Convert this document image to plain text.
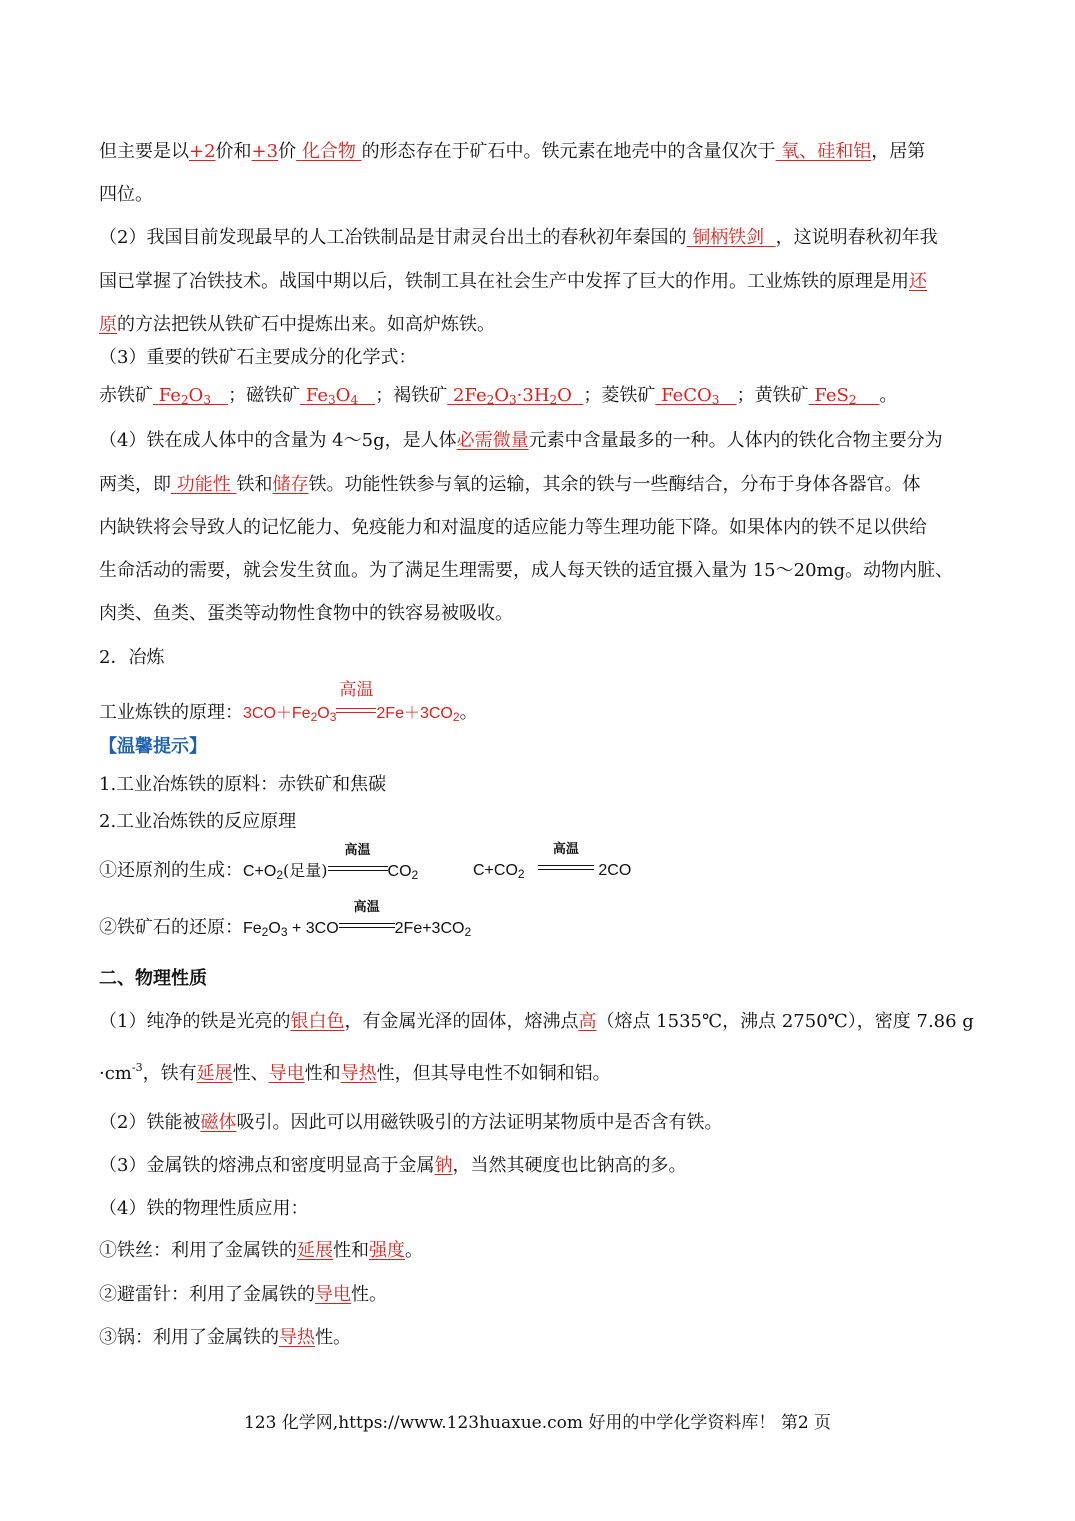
但主要是以+2价和+3价 化合物 的形态存在于矿石中。铁元素在地壳中的含量仅次于 氧、硅和铝，居第
四位。
（2）我国目前发现最早的人工冶铁制品是甘肃灵台出土的春秋初年秦国的 铜柄铁剑 ，这说明春秋初年我
国已掌握了冶铁技术。战国中期以后，铁制工具在社会生产中发挥了巨大的作用。工业炼铁的原理是用还
原的方法把铁从铁矿石中提炼出来。如高炉炼铁。
（3）重要的铁矿石主要成分的化学式：
赤铁矿 $Fe_2O_3$ ；磁铁矿 $Fe_3O_4$ ；褐铁矿 $2Fe_2O_3\cdot 3H_2O$ ；菱铁矿 FeCO$_3$ ；黄铁矿 FeS$_2$ 。
（4）铁在成人体中的含量为 4～5g，是人体必需微量元素中含量最多的一种。人体内的铁化合物主要分为
两类，即 功能性 铁和储存铁。功能性铁参与氧的运输，其余的铁与一些酶结合，分布于身体各器官。体
内缺铁将会导致人的记忆能力、免疫能力和对温度的适应能力等生理功能下降。如果体内的铁不足以供给
生命活动的需要，就会发生贫血。为了满足生理需要，成人每天铁的适宜摄入量为 15～20mg。动物内脏、
肉类、鱼类、蛋类等动物性食物中的铁容易被吸收。
2．冶炼
工业炼铁的原理：$3CO+Fe_2O_3$
高温
$2Fe+3CO_2$。
【温馨提示】
1.工业冶炼铁的原料：赤铁矿和焦碳
2.工业冶炼铁的反应原理
①还原剂的生成：$C+O_2$(足量)
高温
$CO_2$	$C+CO_2$
高温
2CO
②铁矿石的还原：$Fe_2O_3 + 3CO$
高温
$2Fe+3CO_2$
二、物理性质
（1）纯净的铁是光亮的银白色，有金属光泽的固体，熔沸点高（熔点 1535℃，沸点 2750℃），密度 7.86 g
$\cdot cm^{-3}$，铁有延展性、导电性和导热性，但其导电性不如铜和铝。
（2）铁能被磁体吸引。因此可以用磁铁吸引的方法证明某物质中是否含有铁。
（3）金属铁的熔沸点和密度明显高于金属钠，当然其硬度也比钠高的多。
（4）铁的物理性质应用：
①铁丝：利用了金属铁的延展性和强度。
②避雷针：利用了金属铁的导电性。
③锅：利用了金属铁的导热性。
123 化学网,https://www.123huaxue.com 好用的中学化学资料库！ 第2 页
